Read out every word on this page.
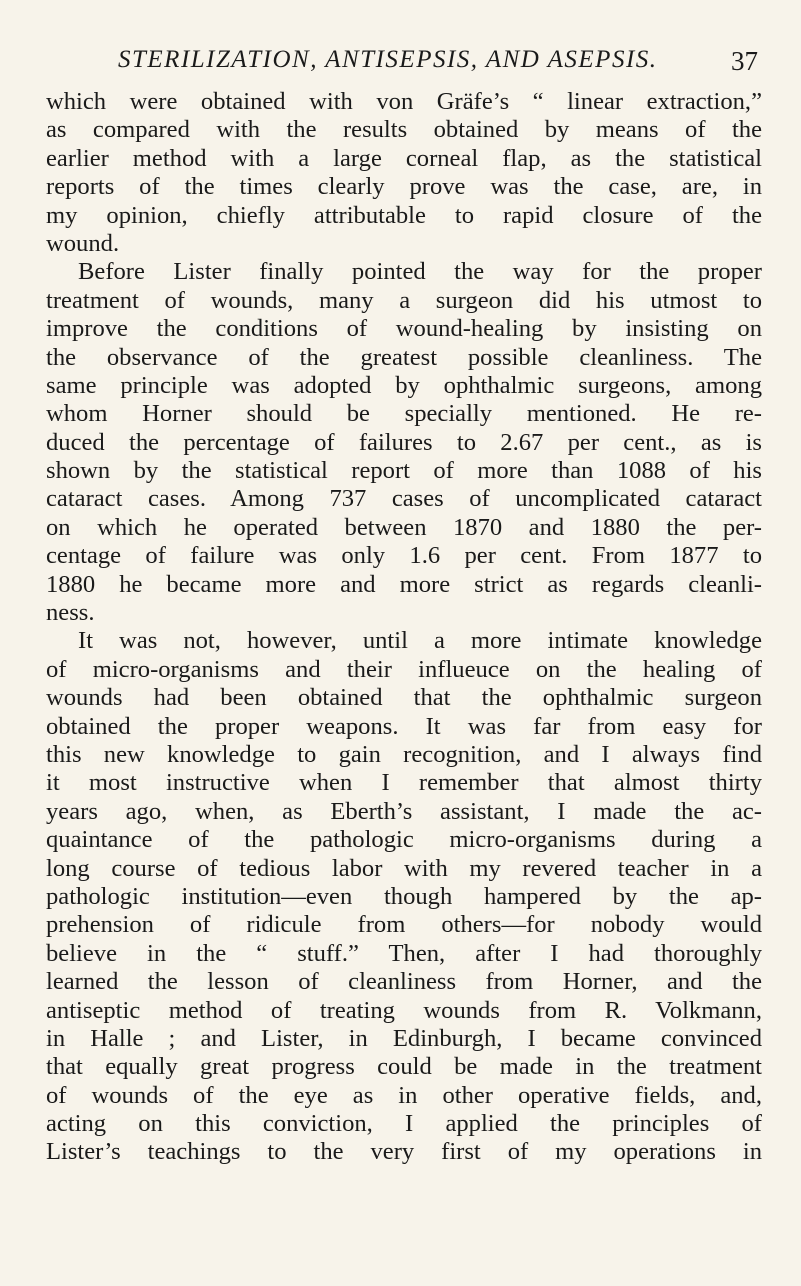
STERILIZATION, ANTISEPSIS, AND ASEPSIS.	37
which were obtained with von Gräfe’s “ linear extraction,”
as compared with the results obtained by means of the
earlier method with a large corneal flap, as the statistical
reports of the times clearly prove was the case, are, in
my opinion, chiefly attributable to rapid closure of the
wound.
Before Lister finally pointed the way for the proper
treatment of wounds, many a surgeon did his utmost to
improve the conditions of wound-healing by insisting on
the observance of the greatest possible cleanliness. The
same principle was adopted by ophthalmic surgeons, among
whom Horner should be specially mentioned. He re-
duced the percentage of failures to 2.67 per cent., as is
shown by the statistical report of more than 1088 of his
cataract cases. Among 737 cases of uncomplicated cataract
on which he operated between 1870 and 1880 the per-
centage of failure was only 1.6 per cent. From 1877 to
1880 he became more and more strict as regards cleanli-
ness.
It was not, however, until a more intimate knowledge
of micro-organisms and their influeuce on the healing of
wounds had been obtained that the ophthalmic surgeon
obtained the proper weapons. It was far from easy for
this new knowledge to gain recognition, and I always find
it most instructive when I remember that almost thirty
years ago, when, as Eberth’s assistant, I made the ac-
quaintance of the pathologic micro-organisms during a
long course of tedious labor with my revered teacher in a
pathologic institution—even though hampered by the ap-
prehension of ridicule from others—for nobody would
believe in the “ stuff.” Then, after I had thoroughly
learned the lesson of cleanliness from Horner, and the
antiseptic method of treating wounds from R. Volkmann,
in Halle ; and Lister, in Edinburgh, I became convinced
that equally great progress could be made in the treatment
of wounds of the eye as in other operative fields, and,
acting on this conviction, I applied the principles of
Lister’s teachings to the very first of my operations in
